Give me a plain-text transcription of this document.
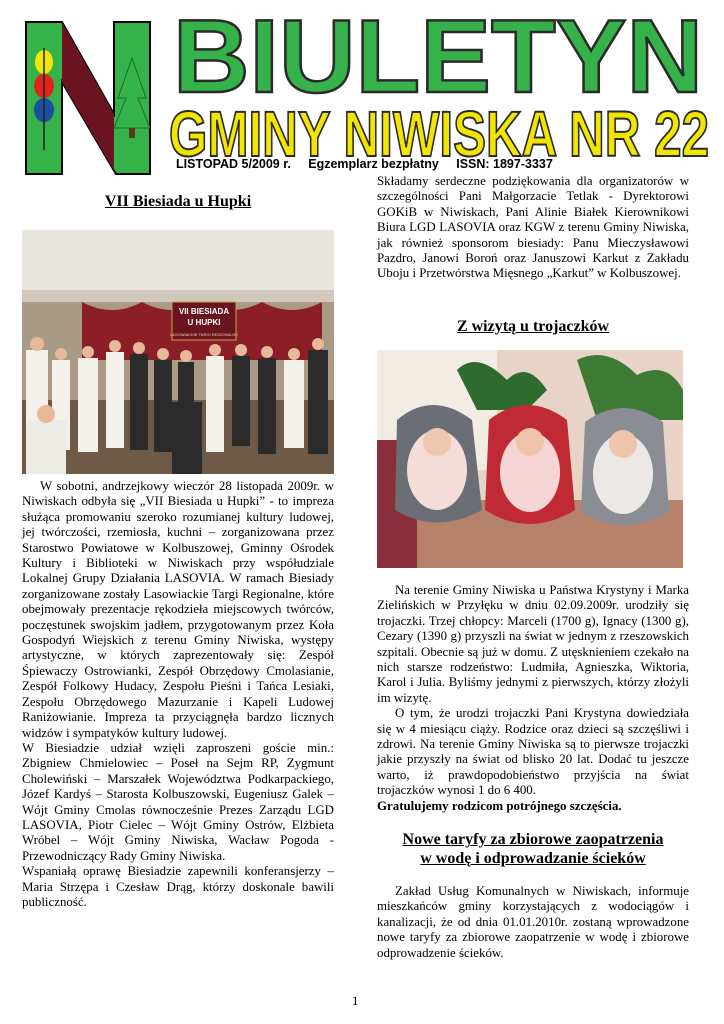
BIULETYN
GMINY NIWISKA NR 22
LISTOPAD 5/2009 r. Egzemplarz bezpłatny ISSN: 1897-3337
VII Biesiada u Hupki
VII BIESIADA
U HUPKI
LASOWIACKIE TARGI REGIONALNE

W sobotni, andrzejkowy wieczór 28 listopada 2009r. w Niwiskach odbyła się „VII Biesiada u Hupki” - to impreza służąca promowaniu szeroko rozumianej kultury ludowej, jej twórczości, rzemiosła, kuchni – zorganizowana przez Starostwo Powiatowe w Kolbuszowej, Gminny Ośrodek Kultury i Biblioteki w Niwiskach przy współudziale Lokalnej Grupy Działania LASOVIA. W ramach Biesiady zorganizowane zostały Lasowiackie Targi Regionalne, które obejmowały prezentacje rękodzieła miejscowych twórców, poczęstunek swojskim jadłem, przygotowanym przez Koła Gospodyń Wiejskich z terenu Gminy Niwiska, występy artystyczne, w których zaprezentowały się: Zespół Śpiewaczy Ostrowianki, Zespół Obrzędowy Cmolasianie, Zespół Folkowy Hudacy, Zespołu Pieśni i Tańca Lesiaki, Zespołu Obrzędowego Mazurzanie i Kapeli Ludowej Raniżowianie. Impreza ta przyciągnęła bardzo licznych widzów i sympatyków kultury ludowej.

W Biesiadzie udział wzięli zaproszeni goście min.: Zbigniew Chmielowiec – Poseł na Sejm RP, Zygmunt Cholewiński – Marszałek Województwa Podkarpackiego, Józef Kardyś – Starosta Kolbuszowski, Eugeniusz Galek – Wójt Gminy Cmolas równocześnie Prezes Zarządu LGD LASOVIA, Piotr Cielec – Wójt Gminy Ostrów, Elżbieta Wróbel – Wójt Gminy Niwiska, Wacław Pogoda - Przewodniczący Rady Gminy Niwiska.

Wspaniałą oprawę Biesiadzie zapewnili konferansjerzy – Maria Strzępa i Czesław Drąg, którzy doskonale bawili publiczność.

Składamy serdeczne podziękowania dla organizatorów w szczególności Pani Małgorzacie Tetlak - Dyrektorowi GOKiB w Niwiskach, Pani Alinie Białek Kierownikowi Biura LGD LASOVIA oraz KGW z terenu Gminy Niwiska, jak również sponsorom biesiady: Panu Mieczysławowi Pazdro, Janowi Boroń oraz Januszowi Karkut z Zakładu Uboju i Przetwórstwa Mięsnego „Karkut” w Kolbuszowej.

Z wizytą u trojaczków

Na terenie Gminy Niwiska u Państwa Krystyny i Marka Zielińskich w Przyłęku w dniu 02.09.2009r. urodziły się trojaczki. Trzej chłopcy: Marceli (1700 g), Ignacy (1300 g), Cezary (1390 g) przyszli na świat w jednym z rzeszowskich szpitali. Obecnie są już w domu. Z utęsknieniem czekało na nich starsze rodzeństwo: Ludmiła, Agnieszka, Wiktoria, Karol i Julia. Byliśmy jednymi z pierwszych, którzy złożyli im wizytę.

O tym, że urodzi trojaczki Pani Krystyna dowiedziała się w 4 miesiącu ciąży. Rodzice oraz dzieci są szczęśliwi i zdrowi. Na terenie Gminy Niwiska są to pierwsze trojaczki jakie przyszły na świat od blisko 20 lat. Dodać tu jeszcze warto, iż prawdopodobieństwo przyjścia na świat trojaczków wynosi 1 do 6 400.

Gratulujemy rodzicom potrójnego szczęścia.

Nowe taryfy za zbiorowe zaopatrzenia
w wodę i odprowadzanie ścieków

Zakład Usług Komunalnych w Niwiskach, informuje mieszkańców gminy korzystających z wodociągów i kanalizacji, że od dnia 01.01.2010r. zostaną wprowadzone nowe taryfy za zbiorowe zaopatrzenie w wodę i zbiorowe odprowadzenie ścieków.

1
